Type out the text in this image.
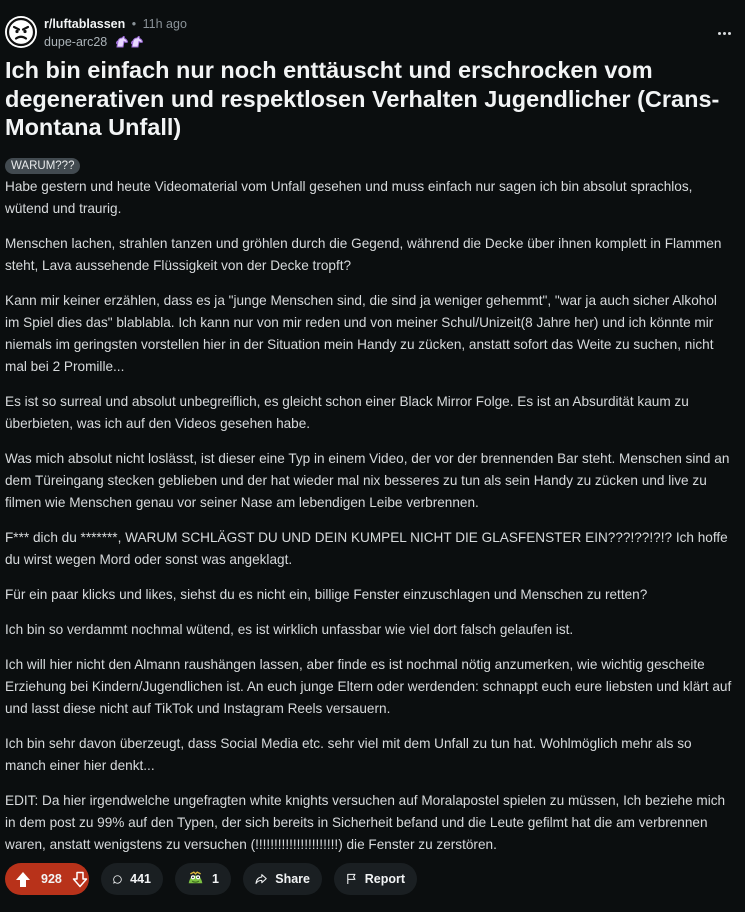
r/luftablassen • 11h ago
dupe-arc28
Ich bin einfach nur noch enttäuscht und erschrocken vom degenerativen und respektlosen Verhalten Jugendlicher (Crans-Montana Unfall)
WARUM???

Habe gestern und heute Videomaterial vom Unfall gesehen und muss einfach nur sagen ich bin absolut sprachlos, wütend und traurig.

Menschen lachen, strahlen tanzen und gröhlen durch die Gegend, während die Decke über ihnen komplett in Flammen steht, Lava aussehende Flüssigkeit von der Decke tropft?

Kann mir keiner erzählen, dass es ja "junge Menschen sind, die sind ja weniger gehemmt", "war ja auch sicher Alkohol im Spiel dies das" blablabla. Ich kann nur von mir reden und von meiner Schul/Unizeit(8 Jahre her) und ich könnte mir niemals im geringsten vorstellen hier in der Situation mein Handy zu zücken, anstatt sofort das Weite zu suchen, nicht mal bei 2 Promille...

Es ist so surreal und absolut unbegreiflich, es gleicht schon einer Black Mirror Folge. Es ist an Absurdität kaum zu überbieten, was ich auf den Videos gesehen habe.

Was mich absolut nicht loslässt, ist dieser eine Typ in einem Video, der vor der brennenden Bar steht. Menschen sind an dem Türeingang stecken geblieben und der hat wieder mal nix besseres zu tun als sein Handy zu zücken und live zu filmen wie Menschen genau vor seiner Nase am lebendigen Leibe verbrennen.

F*** dich du *******, WARUM SCHLÄGST DU UND DEIN KUMPEL NICHT DIE GLASFENSTER EIN???!??!?!? Ich hoffe du wirst wegen Mord oder sonst was angeklagt.

Für ein paar klicks und likes, siehst du es nicht ein, billige Fenster einzuschlagen und Menschen zu retten?

Ich bin so verdammt nochmal wütend, es ist wirklich unfassbar wie viel dort falsch gelaufen ist.

Ich will hier nicht den Almann raushängen lassen, aber finde es ist nochmal nötig anzumerken, wie wichtig gescheite Erziehung bei Kindern/Jugendlichen ist. An euch junge Eltern oder werdenden: schnappt euch eure liebsten und klärt auf und lasst diese nicht auf TikTok und Instagram Reels versauern.

Ich bin sehr davon überzeugt, dass Social Media etc. sehr viel mit dem Unfall zu tun hat. Wohlmöglich mehr als so manch einer hier denkt...

EDIT: Da hier irgendwelche ungefragten white knights versuchen auf Moralapostel spielen zu müssen, Ich beziehe mich in dem post zu 99% auf den Typen, der sich bereits in Sicherheit befand und die Leute gefilmt hat die am verbrennen waren, anstatt wenigstens zu versuchen (!!!!!!!!!!!!!!!!!!!!!!) die Fenster zu zerstören.

928	441	1	Share	Report
